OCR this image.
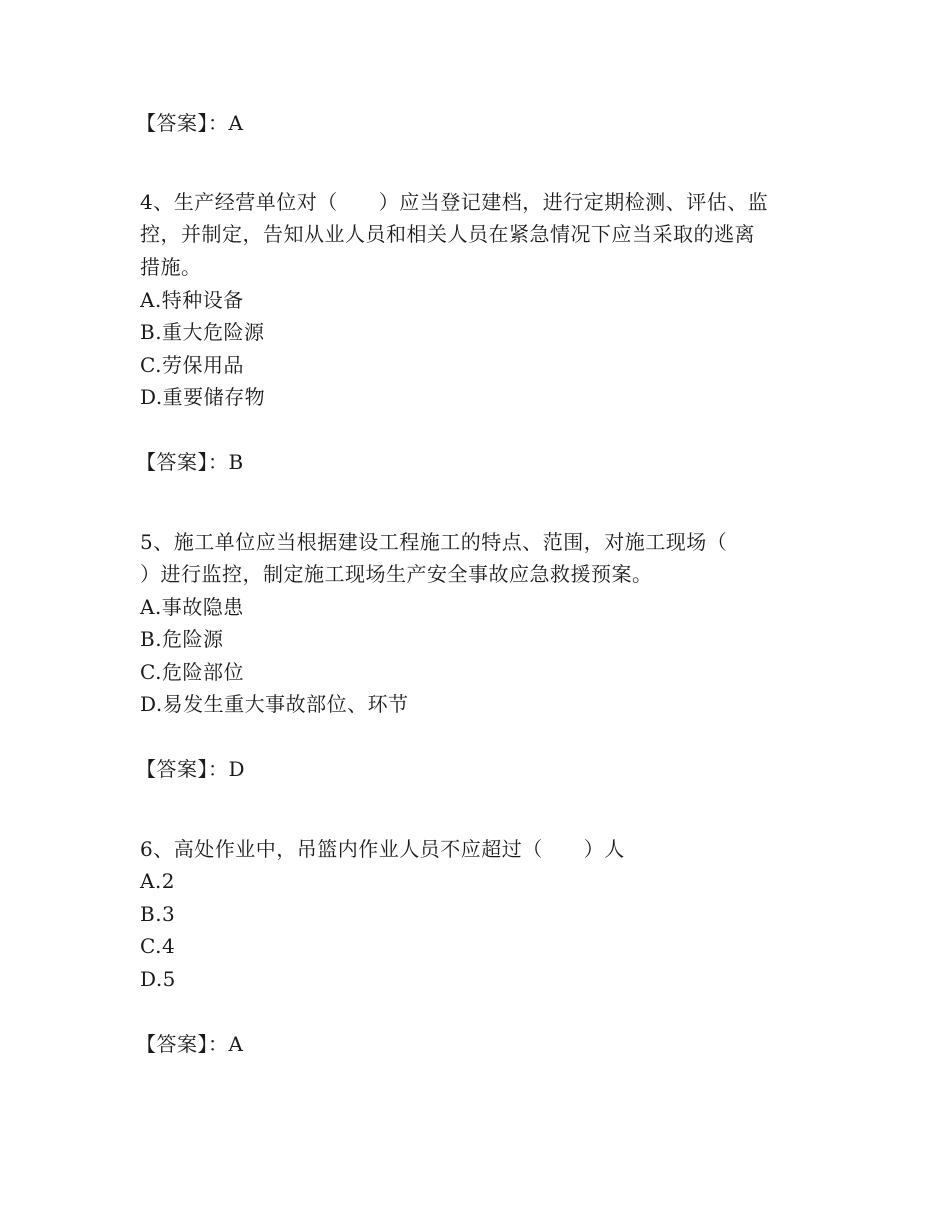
【答案】：A
4、生产经营单位对（　　）应当登记建档，进行定期检测、评估、监
控，并制定，告知从业人员和相关人员在紧急情况下应当采取的逃离
措施。
A.特种设备
B.重大危险源
C.劳保用品
D.重要储存物
【答案】：B
5、施工单位应当根据建设工程施工的特点、范围，对施工现场（
）进行监控，制定施工现场生产安全事故应急救援预案。
A.事故隐患
B.危险源
C.危险部位
D.易发生重大事故部位、环节
【答案】：D
6、高处作业中，吊篮内作业人员不应超过（　　）人
A.2
B.3
C.4
D.5
【答案】：A
